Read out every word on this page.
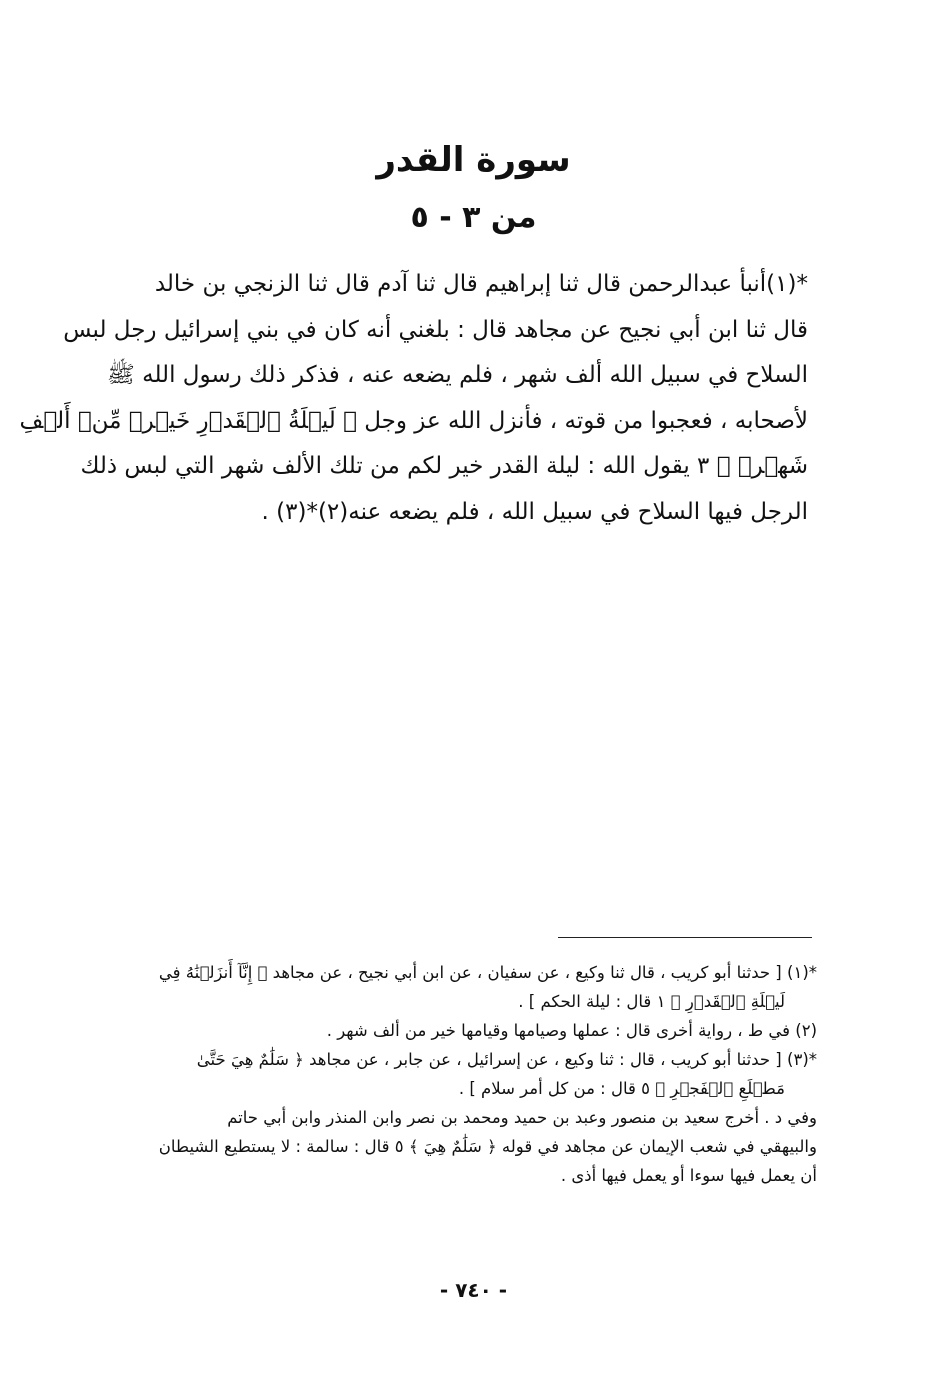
سورة القدر
من ٣ - ٥
*(١)أنبأ عبدالرحمن قال ثنا إبراهيم قال ثنا آدم قال ثنا الزنجي بن خالد
قال ثنا ابن أبي نجيح عن مجاهد قال : بلغني أنه كان في بني إسرائيل رجل لبس
السلاح في سبيل الله ألف شهر ، فلم يضعه عنه ، فذكر ذلك رسول الله ﷺ
لأصحابه ، فعجبوا من قوته ، فأنزل الله عز وجل ﴿ لَيۡلَةُ ٱلۡقَدۡرِ خَيۡرٞ مِّنۡ أَلۡفِ
شَهۡرٖ ﴾ ٣ يقول الله : ليلة القدر خير لكم من تلك الألف شهر التي لبس ذلك
الرجل فيها السلاح في سبيل الله ، فلم يضعه عنه(٢)*(٣) .
*(١) [ حدثنا أبو كريب ، قال ثنا وكيع ، عن سفيان ، عن ابن أبي نجيح ، عن مجاهد ﴿ إِنَّآ أَنزَلۡنَٰهُ فِي
لَيۡلَةِ ٱلۡقَدۡرِ ﴾ ١ قال : ليلة الحكم ] .
(٢) في ط ، رواية أخرى قال : عملها وصيامها وقيامها خير من ألف شهر .
*(٣) [ حدثنا أبو كريب ، قال : ثنا وكيع ، عن إسرائيل ، عن جابر ، عن مجاهد ﴿ سَلَٰمٌ هِيَ حَتَّىٰ
مَطۡلَعِ ٱلۡفَجۡرِ ﴾ ٥ قال : من كل أمر سلام ] .
وفي د . أخرج سعيد بن منصور وعبد بن حميد ومحمد بن نصر وابن المنذر وابن أبي حاتم
والبيهقي في شعب الإيمان عن مجاهد في قوله ﴿ سَلَٰمٌ هِيَ ﴾ ٥ قال : سالمة : لا يستطيع الشيطان
أن يعمل فيها سوءا أو يعمل فيها أذى .
- ٧٤٠ -
